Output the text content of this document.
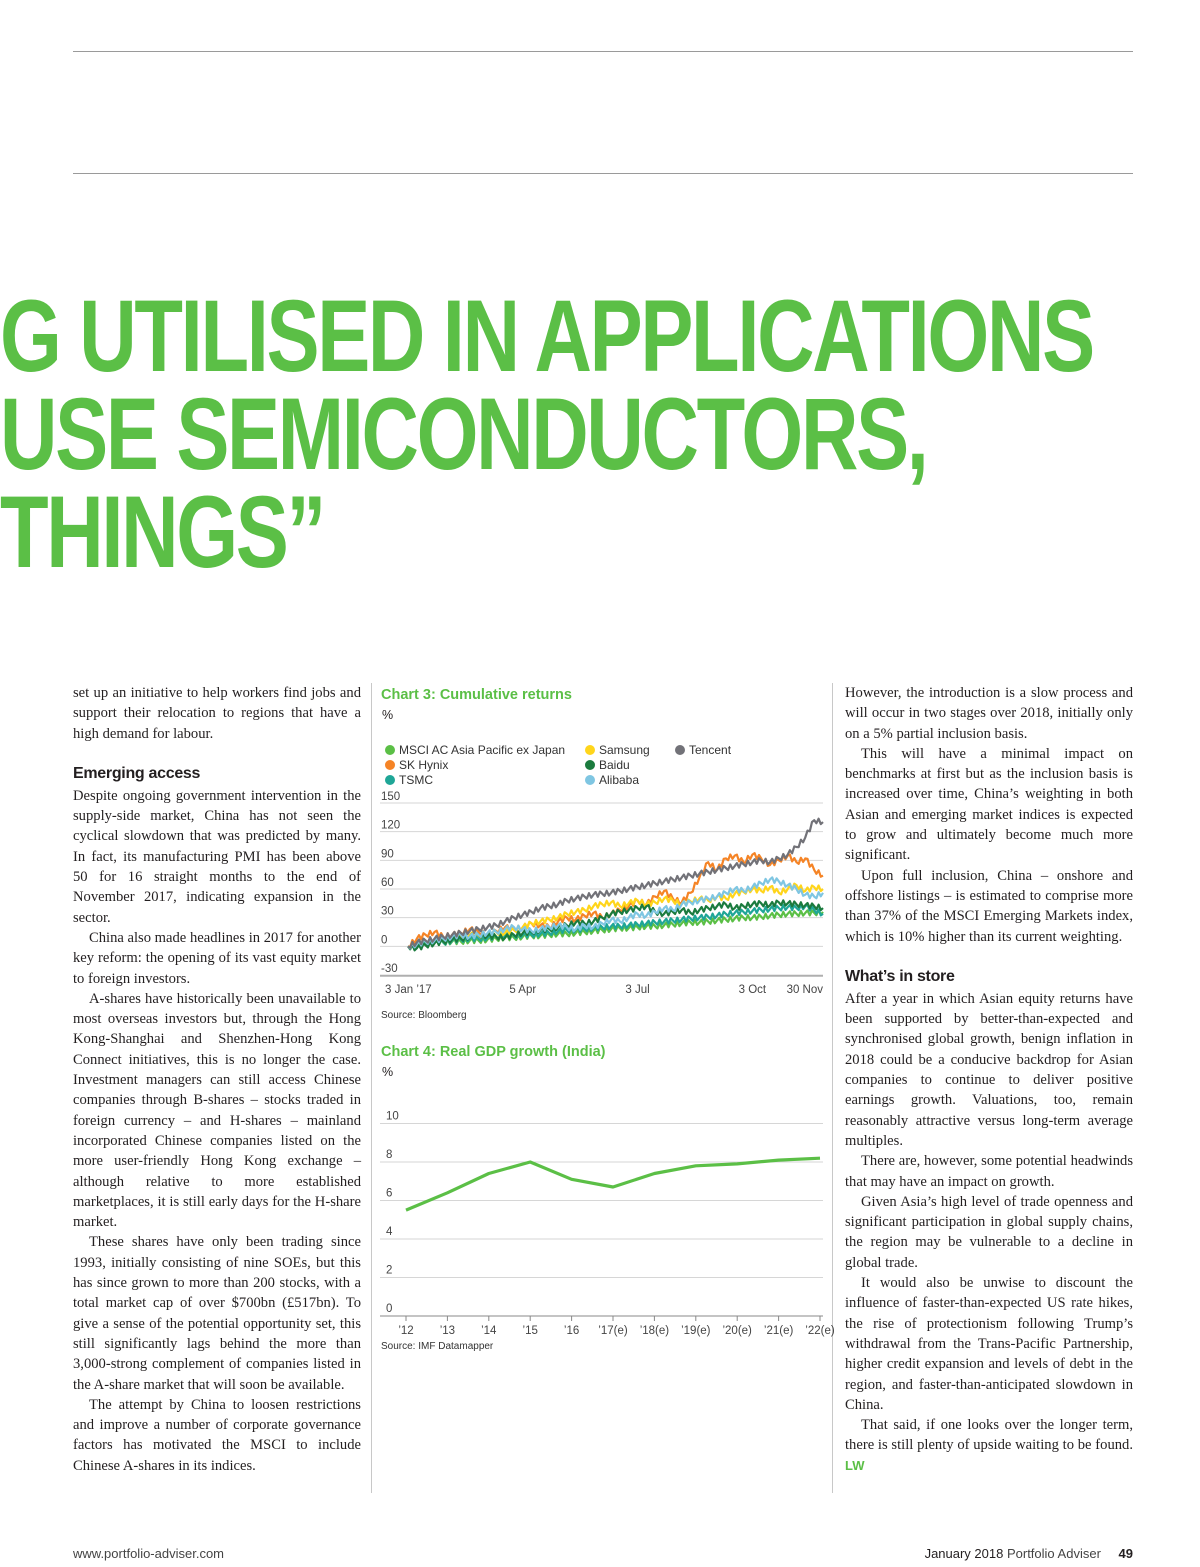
G UTILISED IN APPLICATIONS
USE SEMICONDUCTORS,
THINGS”

set up an initiative to help workers find jobs and support their relocation to regions that have a high demand for labour.

Emerging access

Despite ongoing government intervention in the supply-side market, China has not seen the cyclical slowdown that was predicted by many. In fact, its manufacturing PMI has been above 50 for 16 straight months to the end of November 2017, indicating expansion in the sector.

China also made headlines in 2017 for another key reform: the opening of its vast equity market to foreign investors.

A-shares have historically been unavailable to most overseas investors but, through the Hong Kong-Shanghai and Shenzhen-Hong Kong Connect initiatives, this is no longer the case. Investment managers can still access Chinese companies through B-shares – stocks traded in foreign currency – and H-shares – mainland incorporated Chinese companies listed on the more user-friendly Hong Kong exchange – although relative to more established marketplaces, it is still early days for the H-share market.

These shares have only been trading since 1993, initially consisting of nine SOEs, but this has since grown to more than 200 stocks, with a total market cap of over $700bn (£517bn). To give a sense of the potential opportunity set, this still significantly lags behind the more than 3,000-strong complement of companies listed in the A-share market that will soon be available.

The attempt by China to loosen restrictions and improve a number of corporate governance factors has motivated the MSCI to include Chinese A-shares in its indices.

Chart 3: Cumulative returns
%
MSCI AC Asia Pacific ex Japan
SK Hynix
TSMC
Samsung
Baidu
Alibaba
Tencent
150
120
90
60
30
0
-30
3 Jan ’17	5 Apr	3 Jul	3 Oct 30 Nov
Source: Bloomberg
Chart 4: Real GDP growth (India)
%
10
8
6
4
2
0
’12 ’13 ’14 ’15 ’16 ’17(e) ’18(e) ’19(e) ’20(e) ’21(e) ’22(e)
Source: IMF Datamapper

However, the introduction is a slow process and will occur in two stages over 2018, initially only on a 5% partial inclusion basis.

This will have a minimal impact on benchmarks at first but as the inclusion basis is increased over time, China’s weighting in both Asian and emerging market indices is expected to grow and ultimately become much more significant.

Upon full inclusion, China – onshore and offshore listings – is estimated to comprise more than 37% of the MSCI Emerging Markets index, which is 10% higher than its current weighting.

What’s in store

After a year in which Asian equity returns have been supported by better-than-expected and synchronised global growth, benign inflation in 2018 could be a conducive backdrop for Asian companies to continue to deliver positive earnings growth. Valuations, too, remain reasonably attractive versus long-term average multiples.

There are, however, some potential headwinds that may have an impact on growth.

Given Asia’s high level of trade openness and significant participation in global supply chains, the region may be vulnerable to a decline in global trade.

It would also be unwise to discount the influence of faster-than-expected US rate hikes, the rise of protectionism following Trump’s withdrawal from the Trans-Pacific Partnership, higher credit expansion and levels of debt in the region, and faster-than-anticipated slowdown in China.

That said, if one looks over the longer term, there is still plenty of upside waiting to be found. LW

www.portfolio-adviser.com	January 2018 Portfolio Adviser 49
